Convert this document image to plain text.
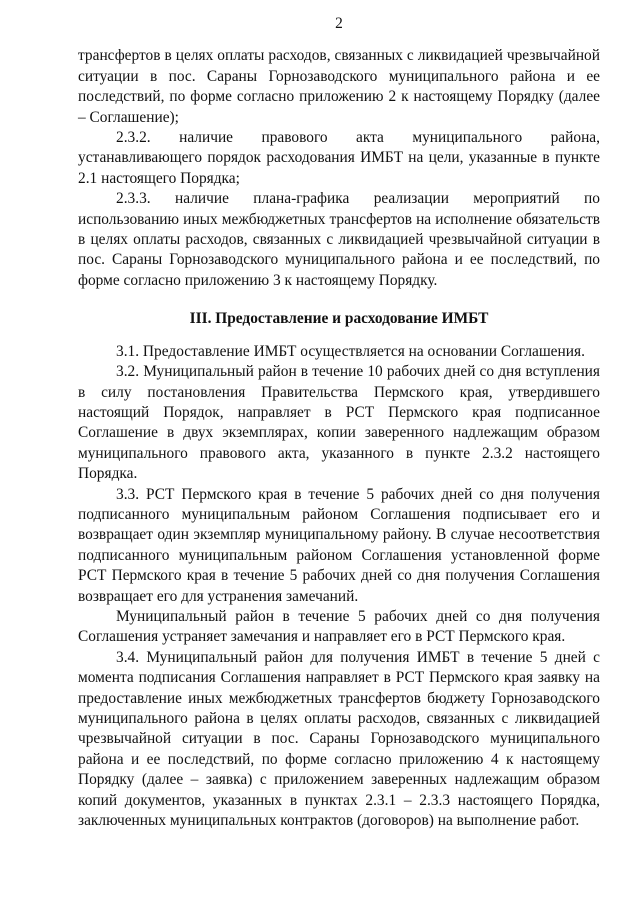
2

трансфертов в целях оплаты расходов, связанных с ликвидацией чрезвычайной ситуации в пос. Сараны Горнозаводского муниципального района и ее последствий, по форме согласно приложению 2 к настоящему Порядку (далее – Соглашение);

2.3.2. наличие правового акта муниципального района, устанавливающего порядок расходования ИМБТ на цели, указанные в пункте 2.1 настоящего Порядка;

2.3.3. наличие плана-графика реализации мероприятий по использованию иных межбюджетных трансфертов на исполнение обязательств в целях оплаты расходов, связанных с ликвидацией чрезвычайной ситуации в пос. Сараны Горнозаводского муниципального района и ее последствий, по форме согласно приложению 3 к настоящему Порядку.

III. Предоставление и расходование ИМБТ

3.1. Предоставление ИМБТ осуществляется на основании Соглашения.

3.2. Муниципальный район в течение 10 рабочих дней со дня вступления в силу постановления Правительства Пермского края, утвердившего настоящий Порядок, направляет в РСТ Пермского края подписанное Соглашение в двух экземплярах, копии заверенного надлежащим образом муниципального правового акта, указанного в пункте 2.3.2 настоящего Порядка.

3.3. РСТ Пермского края в течение 5 рабочих дней со дня получения подписанного муниципальным районом Соглашения подписывает его и возвращает один экземпляр муниципальному району. В случае несоответствия подписанного муниципальным районом Соглашения установленной форме РСТ Пермского края в течение 5 рабочих дней со дня получения Соглашения возвращает его для устранения замечаний.

Муниципальный район в течение 5 рабочих дней со дня получения Соглашения устраняет замечания и направляет его в РСТ Пермского края.

3.4. Муниципальный район для получения ИМБТ в течение 5 дней с момента подписания Соглашения направляет в РСТ Пермского края заявку на предоставление иных межбюджетных трансфертов бюджету Горнозаводского муниципального района в целях оплаты расходов, связанных с ликвидацией чрезвычайной ситуации в пос. Сараны Горнозаводского муниципального района и ее последствий, по форме согласно приложению 4 к настоящему Порядку (далее – заявка) с приложением заверенных надлежащим образом копий документов, указанных в пунктах 2.3.1 – 2.3.3 настоящего Порядка, заключенных муниципальных контрактов (договоров) на выполнение работ.
